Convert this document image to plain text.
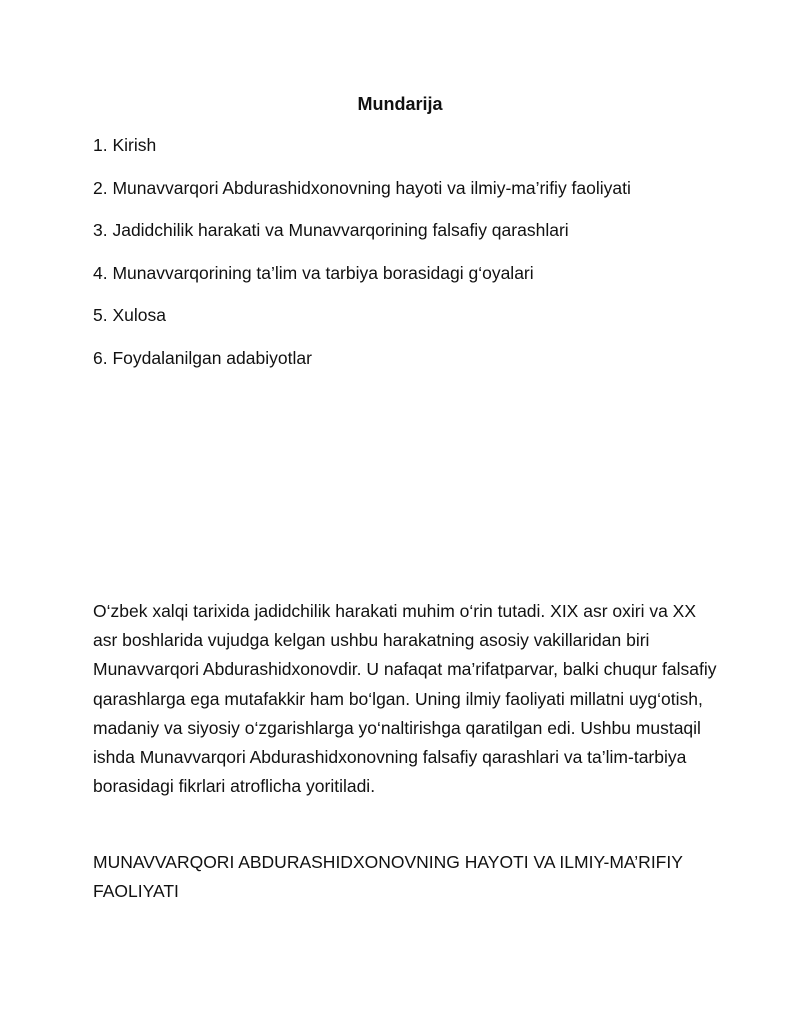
Mundarija
1. Kirish
2. Munavvarqori Abdurashidxonovning hayoti va ilmiy-ma’rifiy faoliyati
3. Jadidchilik harakati va Munavvarqorining falsafiy qarashlari
4. Munavvarqorining ta’lim va tarbiya borasidagi g‘oyalari
5. Xulosa
6. Foydalanilgan adabiyotlar

O‘zbek xalqi tarixida jadidchilik harakati muhim o‘rin tutadi. XIX asr oxiri va XX asr boshlarida vujudga kelgan ushbu harakatning asosiy vakillaridan biri Munavvarqori Abdurashidxonovdir. U nafaqat ma’rifatparvar, balki chuqur falsafiy qarashlarga ega mutafakkir ham bo‘lgan. Uning ilmiy faoliyati millatni uyg‘otish, madaniy va siyosiy o‘zgarishlarga yo‘naltirishga qaratilgan edi. Ushbu mustaqil ishda Munavvarqori Abdurashidxonovning falsafiy qarashlari va ta’lim-tarbiya borasidagi fikrlari atroflicha yoritiladi.

MUNAVVARQORI ABDURASHIDXONOVNING HAYOTI VA ILMIY-MA’RIFIY FAOLIYATI
